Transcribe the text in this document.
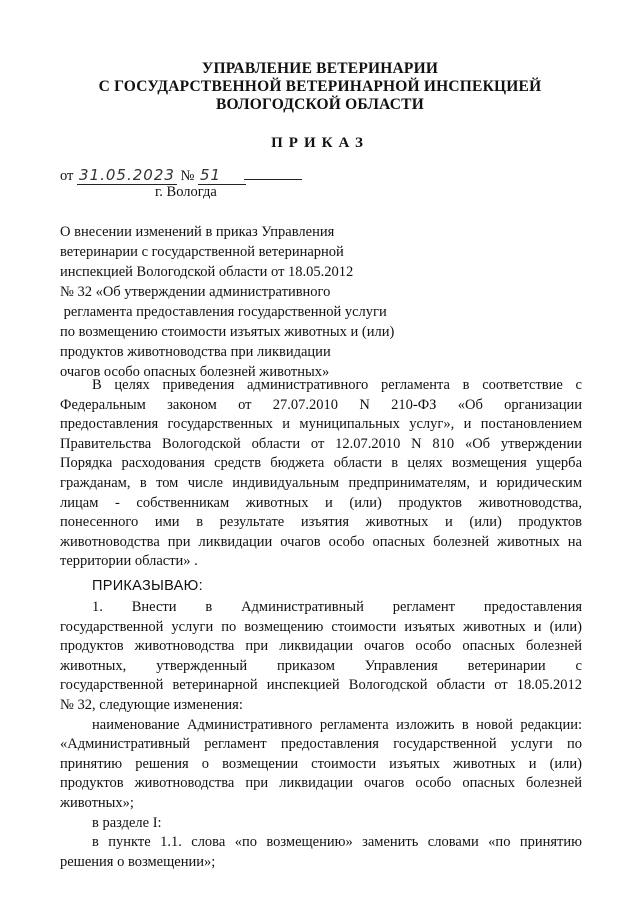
УПРАВЛЕНИЕ ВЕТЕРИНАРИИ
С ГОСУДАРСТВЕННОЙ ВЕТЕРИНАРНОЙ ИНСПЕКЦИЕЙ
ВОЛОГОДСКОЙ ОБЛАСТИ
ПРИКАЗ
от 31.05.2023 № 51
г. Вологда
О внесении изменений в приказ Управления
ветеринарии с государственной ветеринарной
инспекцией Вологодской области от 18.05.2012
№ 32 «Об утверждении административного
регламента предоставления государственной услуги
по возмещению стоимости изъятых животных и (или)
продуктов животноводства при ликвидации
очагов особо опасных болезней животных»
В целях приведения административного регламента в соответствие с
Федеральным законом от 27.07.2010 N 210-ФЗ «Об организации
предоставления государственных и муниципальных услуг», и постановлением
Правительства Вологодской области от 12.07.2010 N 810 «Об утверждении
Порядка расходования средств бюджета области в целях возмещения ущерба
гражданам, в том числе индивидуальным предпринимателям, и юридическим
лицам - собственникам животных и (или) продуктов животноводства,
понесенного ими в результате изъятия животных и (или) продуктов
животноводства при ликвидации очагов особо опасных болезней животных на
территории области» .
ПРИКАЗЫВАЮ:
1. Внести в Административный регламент предоставления
государственной услуги по возмещению стоимости изъятых животных и (или)
продуктов животноводства при ликвидации очагов особо опасных болезней
животных, утвержденный приказом Управления ветеринарии с
государственной ветеринарной инспекцией Вологодской области от 18.05.2012
№ 32, следующие изменения:
наименование Административного регламента изложить в новой редакции:
«Административный регламент предоставления государственной услуги по
принятию решения о возмещении стоимости изъятых животных и (или)
продуктов животноводства при ликвидации очагов особо опасных болезней
животных»;
в разделе I:
в пункте 1.1. слова «по возмещению» заменить словами «по принятию
решения о возмещении»;
